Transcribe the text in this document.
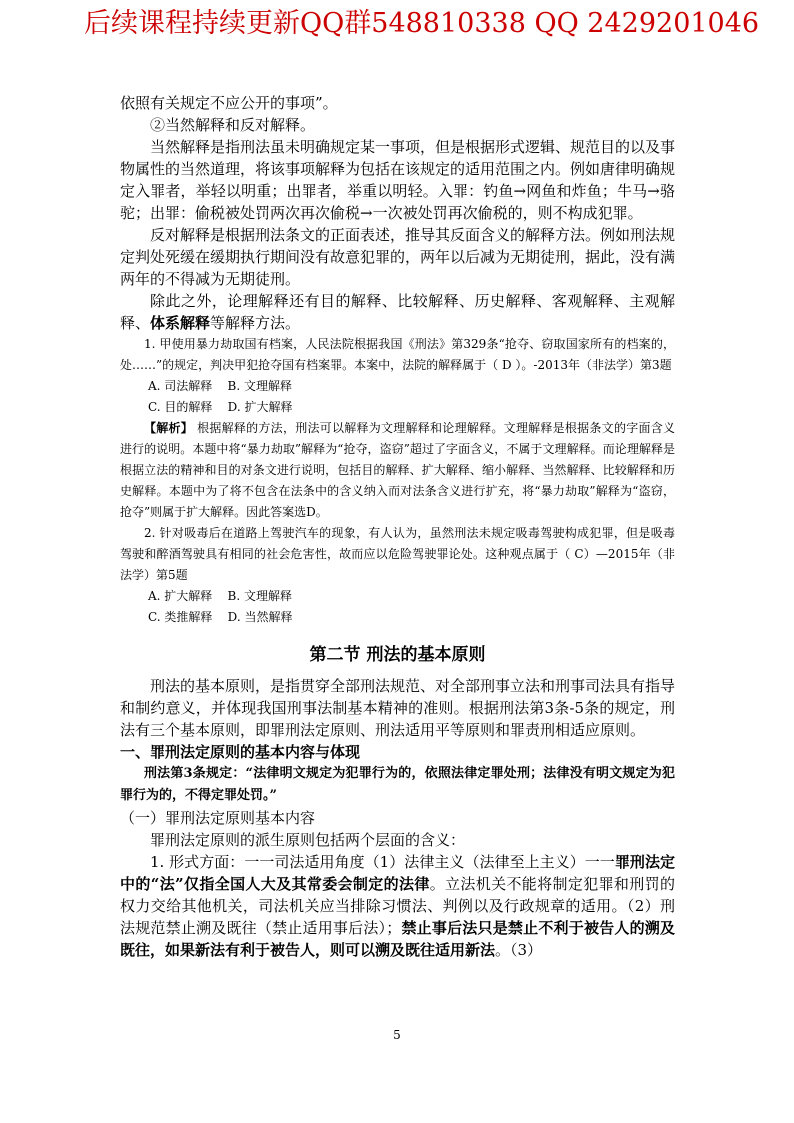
后续课程持续更新QQ群548810338 QQ 2429201046

依照有关规定不应公开的事项”。

②当然解释和反对解释。

当然解释是指刑法虽未明确规定某一事项，但是根据形式逻辑、规范目的以及事物属性的当然道理，将该事项解释为包括在该规定的适用范围之内。例如唐律明确规定入罪者，举轻以明重；出罪者，举重以明轻。入罪：钓鱼→网鱼和炸鱼；牛马→骆驼；出罪：偷税被处罚两次再次偷税→一次被处罚再次偷税的，则不构成犯罪。

反对解释是根据刑法条文的正面表述，推导其反面含义的解释方法。例如刑法规定判处死缓在缓期执行期间没有故意犯罪的，两年以后减为无期徒刑，据此，没有满两年的不得减为无期徒刑。

除此之外，论理解释还有目的解释、比较解释、历史解释、客观解释、主观解释、体系解释等解释方法。

1. 甲使用暴力劫取国有档案，人民法院根据我国《刑法》第329条“抢夺、窃取国家所有的档案的，处……”的规定，判决甲犯抢夺国有档案罪。本案中，法院的解释属于（ D ）。-2013年（非法学）第3题

A. 司法解释    B. 文理解释

C. 目的解释    D. 扩大解释

【解析】 根据解释的方法，刑法可以解释为文理解释和论理解释。文理解释是根据条文的字面含义进行的说明。本题中将“暴力劫取”解释为“抢夺，盗窃”超过了字面含义，不属于文理解释。而论理解释是根据立法的精神和目的对条文进行说明，包括目的解释、扩大解释、缩小解释、当然解释、比较解释和历史解释。本题中为了将不包含在法条中的含义纳入而对法条含义进行扩充，将“暴力劫取”解释为“盗窃，抢夺”则属于扩大解释。因此答案选D。

2. 针对吸毒后在道路上驾驶汽车的现象，有人认为，虽然刑法未规定吸毒驾驶构成犯罪，但是吸毒驾驶和醉酒驾驶具有相同的社会危害性，故而应以危险驾驶罪论处。这种观点属于（ C）—2015年（非法学）第5题

A. 扩大解释    B. 文理解释

C. 类推解释    D. 当然解释

第二节 刑法的基本原则

刑法的基本原则，是指贯穿全部刑法规范、对全部刑事立法和刑事司法具有指导和制约意义，并体现我国刑事法制基本精神的准则。根据刑法第3条-5条的规定，刑法有三个基本原则，即罪刑法定原则、刑法适用平等原则和罪责刑相适应原则。

一、罪刑法定原则的基本内容与体现

刑法第3条规定：“法律明文规定为犯罪行为的，依照法律定罪处刑；法律没有明文规定为犯罪行为的，不得定罪处罚。”

（一）罪刑法定原则基本内容

罪刑法定原则的派生原则包括两个层面的含义：

1. 形式方面：一一司法适用角度（1）法律主义（法律至上主义）一一罪刑法定中的“法”仅指全国人大及其常委会制定的法律。立法机关不能将制定犯罪和刑罚的权力交给其他机关，司法机关应当排除习惯法、判例以及行政规章的适用。（2）刑法规范禁止溯及既往（禁止适用事后法）；禁止事后法只是禁止不利于被告人的溯及既往，如果新法有利于被告人，则可以溯及既往适用新法。（3）

5
